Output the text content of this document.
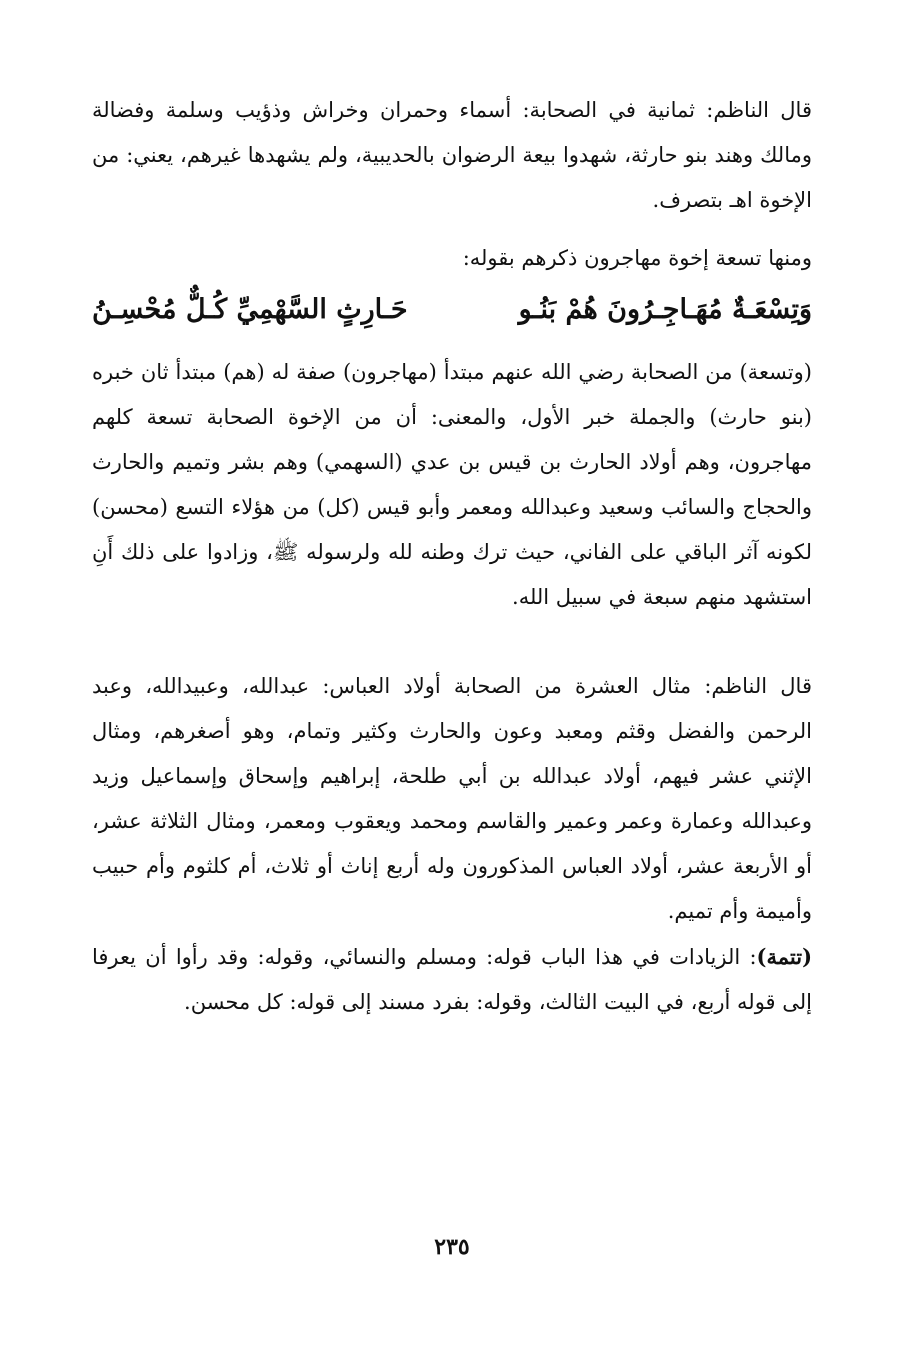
قال الناظم: ثمانية في الصحابة: أسماء وحمران وخراش وذؤيب وسلمة وفضالة ومالك وهند بنو حارثة، شهدوا بيعة الرضوان بالحديبية، ولم يشهدها غيرهم، يعني: من الإخوة اهـ بتصرف.

ومنها تسعة إخوة مهاجرون ذكرهم بقوله:

وَتِسْعَـةٌ مُهَـاجِـرُونَ هُمْ بَنُـو
حَـارِثٍ السَّهْمِيِّ كُـلٌّ مُحْسِـنُ

(وتسعة) من الصحابة رضي الله عنهم مبتدأ (مهاجرون) صفة له (هم) مبتدأ ثان خبره (بنو حارث) والجملة خبر الأول، والمعنى: أن من الإخوة الصحابة تسعة كلهم مهاجرون، وهم أولاد الحارث بن قيس بن عدي (السهمي) وهم بشر وتميم والحارث والحجاج والسائب وسعيد وعبدالله ومعمر وأبو قيس (كل) من هؤلاء التسع (محسن) لكونه آثر الباقي على الفاني، حيث ترك وطنه لله ولرسوله ﷺ، وزادوا على ذلك أَنِ استشهد منهم سبعة في سبيل الله.

قال الناظم: مثال العشرة من الصحابة أولاد العباس: عبدالله، وعبيدالله، وعبد الرحمن والفضل وقثم ومعبد وعون والحارث وكثير وتمام، وهو أصغرهم، ومثال الإثني عشر فيهم، أولاد عبدالله بن أبي طلحة، إبراهيم وإسحاق وإسماعيل وزيد وعبدالله وعمارة وعمر وعمير والقاسم ومحمد ويعقوب ومعمر، ومثال الثلاثة عشر، أو الأربعة عشر، أولاد العباس المذكورون وله أربع إناث أو ثلاث، أم كلثوم وأم حبيب وأميمة وأم تميم.

(تتمة): الزيادات في هذا الباب قوله: ومسلم والنسائي، وقوله: وقد رأوا أن يعرفا إلى قوله أربع، في البيت الثالث، وقوله: بفرد مسند إلى قوله: كل محسن.

٢٣٥
